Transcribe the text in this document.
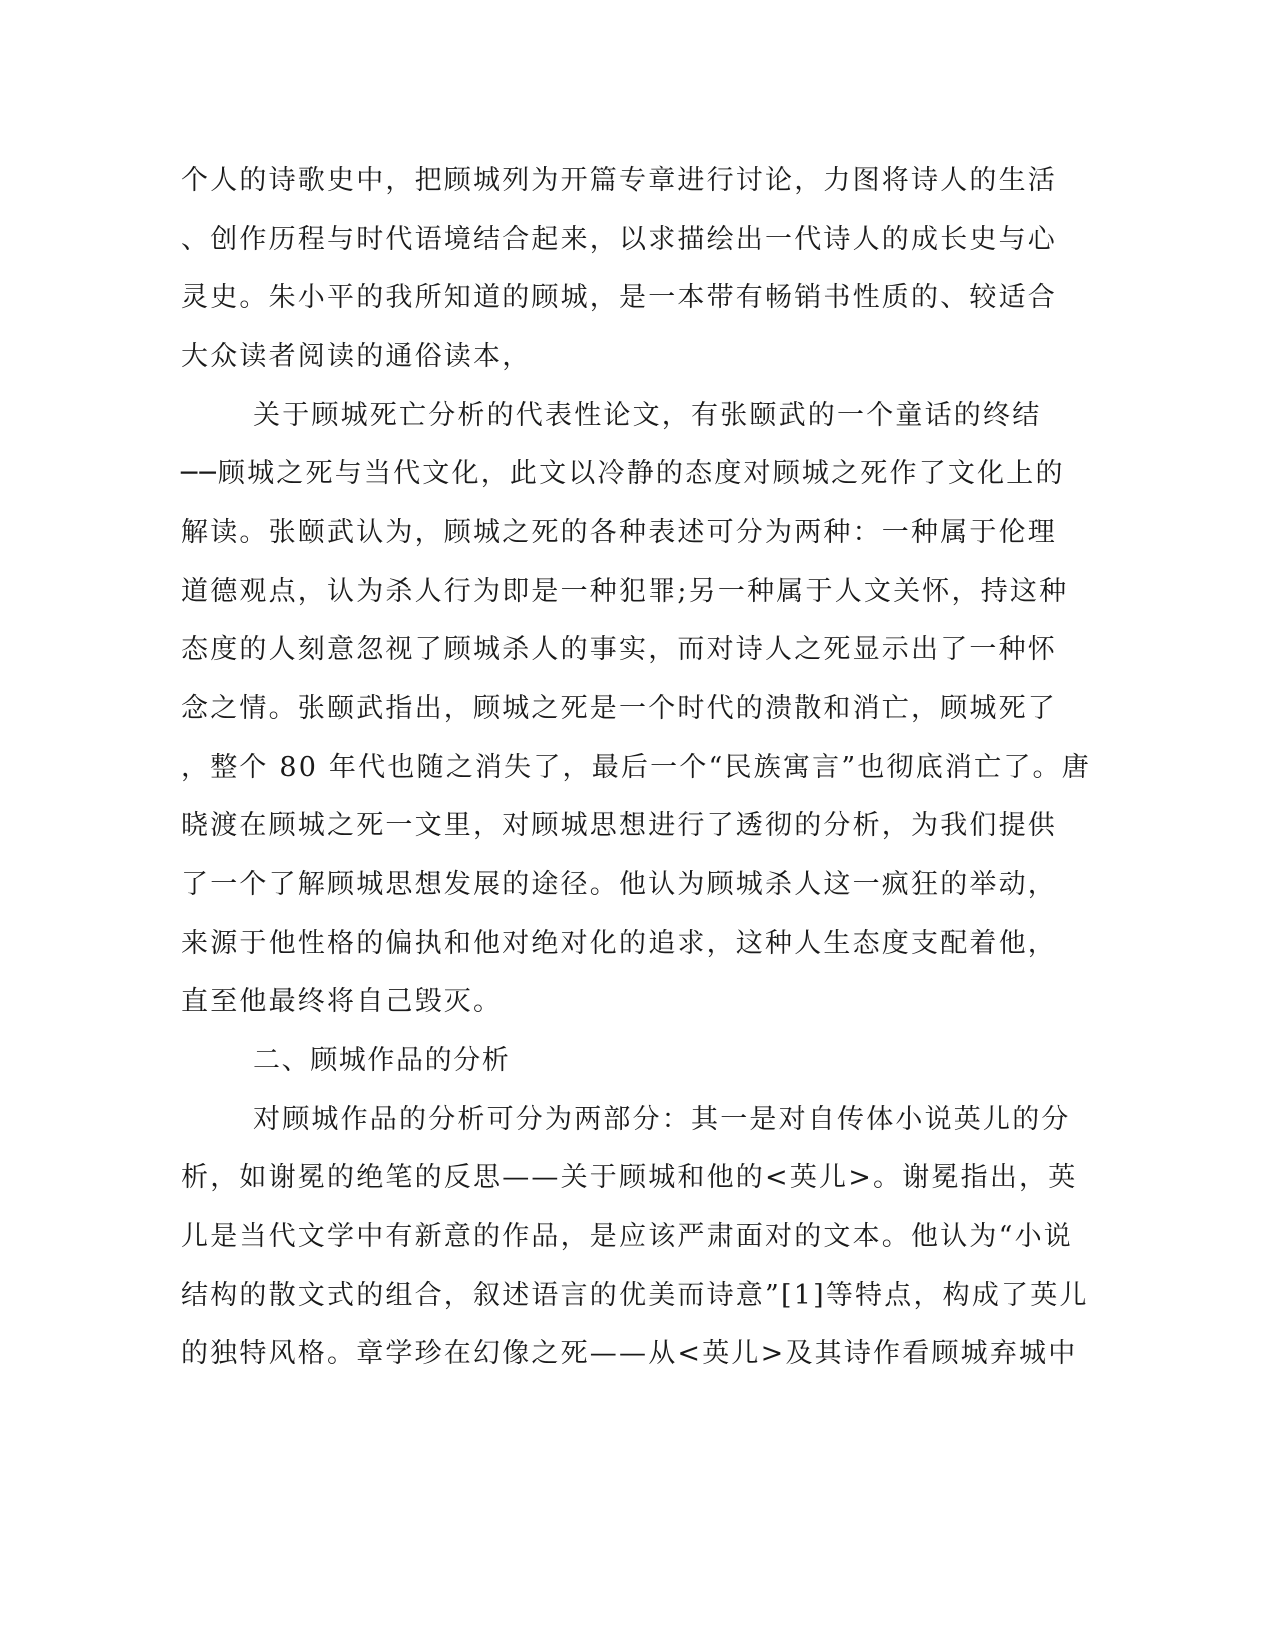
个人的诗歌史中，把顾城列为开篇专章进行讨论，力图将诗人的生活
、创作历程与时代语境结合起来，以求描绘出一代诗人的成长史与心
灵史。朱小平的我所知道的顾城，是一本带有畅销书性质的、较适合
大众读者阅读的通俗读本，
关于顾城死亡分析的代表性论文，有张颐武的一个童话的终结
──顾城之死与当代文化，此文以冷静的态度对顾城之死作了文化上的
解读。张颐武认为，顾城之死的各种表述可分为两种：一种属于伦理
道德观点，认为杀人行为即是一种犯罪;另一种属于人文关怀，持这种
态度的人刻意忽视了顾城杀人的事实，而对诗人之死显示出了一种怀
念之情。张颐武指出，顾城之死是一个时代的溃散和消亡，顾城死了
，整个 80 年代也随之消失了，最后一个“民族寓言”也彻底消亡了。唐
晓渡在顾城之死一文里，对顾城思想进行了透彻的分析，为我们提供
了一个了解顾城思想发展的途径。他认为顾城杀人这一疯狂的举动，
来源于他性格的偏执和他对绝对化的追求，这种人生态度支配着他，
直至他最终将自己毁灭。
二、顾城作品的分析
对顾城作品的分析可分为两部分：其一是对自传体小说英儿的分
析，如谢冕的绝笔的反思——关于顾城和他的<英儿>。谢冕指出，英
儿是当代文学中有新意的作品，是应该严肃面对的文本。他认为“小说
结构的散文式的组合，叙述语言的优美而诗意”[1]等特点，构成了英儿
的独特风格。章学珍在幻像之死——从<英儿>及其诗作看顾城弃城中
